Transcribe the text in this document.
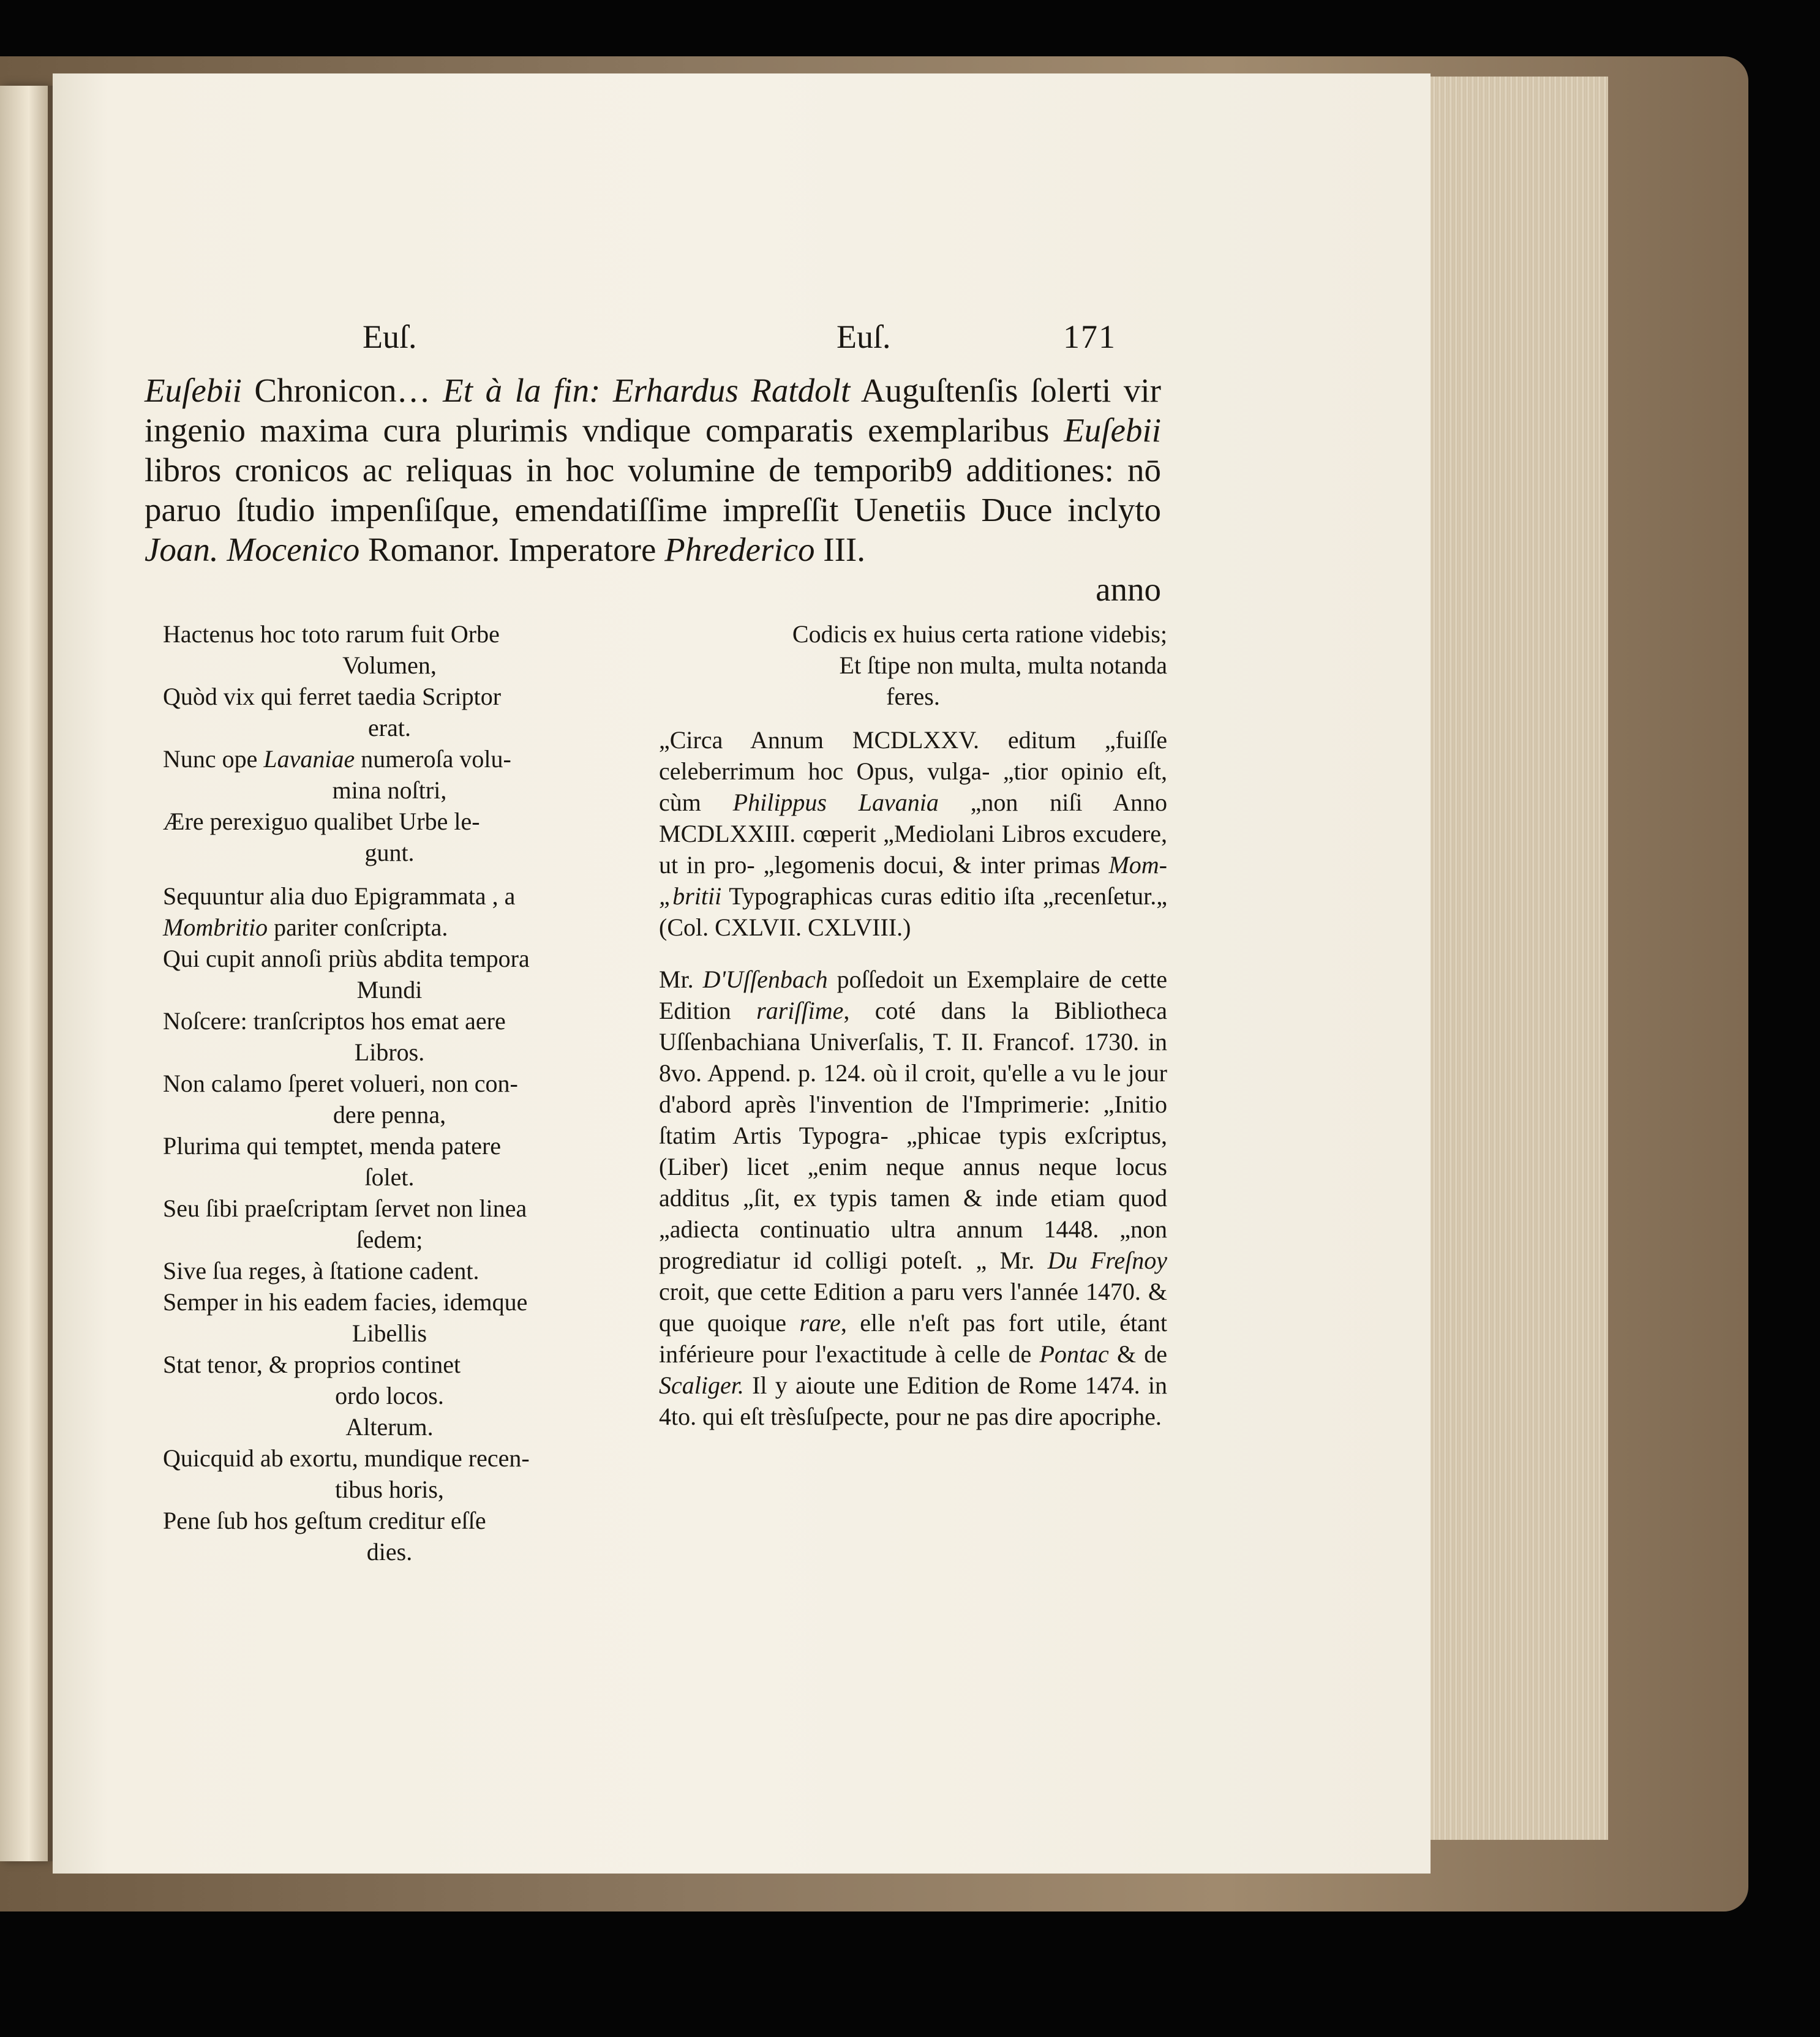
Euſ.	Euſ.	171
Euſebii Chronicon… Et à la fin: Erhardus Ratdolt Auguſtenſis ſolerti vir ingenio maxima cura plurimis vndique comparatis exemplaribus Euſebii libros cronicos ac reliquas in hoc volumine de temporib9 additiones: nō paruo ſtudio impenſiſque, emendatiſſime impreſſit Uenetiis Duce inclyto Joan. Mocenico Romanor. Imperatore Phrederico III.
anno

Hactenus hoc toto rarum fuit Orbe

Volumen,

Quòd vix qui ferret taedia Scriptor

erat.

Nunc ope Lavaniae numeroſa volu-

mina noſtri,

Ære perexiguo qualibet Urbe le-

gunt.

Sequuntur alia duo Epigrammata , a

Mombritio pariter conſcripta.

Qui cupit annoſi priùs abdita tempora

Mundi

Noſcere: tranſcriptos hos emat aere

Libros.

Non calamo ſperet volueri, non con-

dere penna,

Plurima qui temptet, menda patere

ſolet.

Seu ſibi praeſcriptam ſervet non linea

ſedem;

Sive ſua reges, à ſtatione cadent.

Semper in his eadem facies, idemque

Libellis

Stat tenor, & proprios continet

ordo locos.

Alterum.

Quicquid ab exortu, mundique recen-

tibus horis,

Pene ſub hos geſtum creditur eſſe

dies.

Codicis ex huius certa ratione videbis;

Et ſtipe non multa, multa notanda

feres.

„Circa Annum MCDLXXV. editum „fuiſſe celeberrimum hoc Opus, vulga- „tior opinio eſt, cùm Philippus Lavania „non niſi Anno MCDLXXIII. cœperit „Mediolani Libros excudere, ut in pro- „legomenis docui, & inter primas Mom- „britii Typographicas curas editio iſta „recenſetur.„ (Col. CXLVII. CXLVIII.)

Mr. D'Uſſenbach poſſedoit un Exemplaire de cette Edition rariſſime, coté dans la Bibliotheca Uſſenbachiana Univerſalis, T. II. Francof. 1730. in 8vo. Append. p. 124. où il croit, qu'elle a vu le jour d'abord après l'invention de l'Imprimerie: „Initio ſtatim Artis Typogra- „phicae typis exſcriptus, (Liber) licet „enim neque annus neque locus additus „ſit, ex typis tamen & inde etiam quod „adiecta continuatio ultra annum 1448. „non progrediatur id colligi poteſt. „ Mr. Du Freſnoy croit, que cette Edition a paru vers l'année 1470. & que quoique rare, elle n'eſt pas fort utile, étant inférieure pour l'exactitude à celle de Pontac & de Scaliger. Il y aioute une Edition de Rome 1474. in 4to. qui eſt trèsſuſpecte, pour ne pas dire apocriphe.
